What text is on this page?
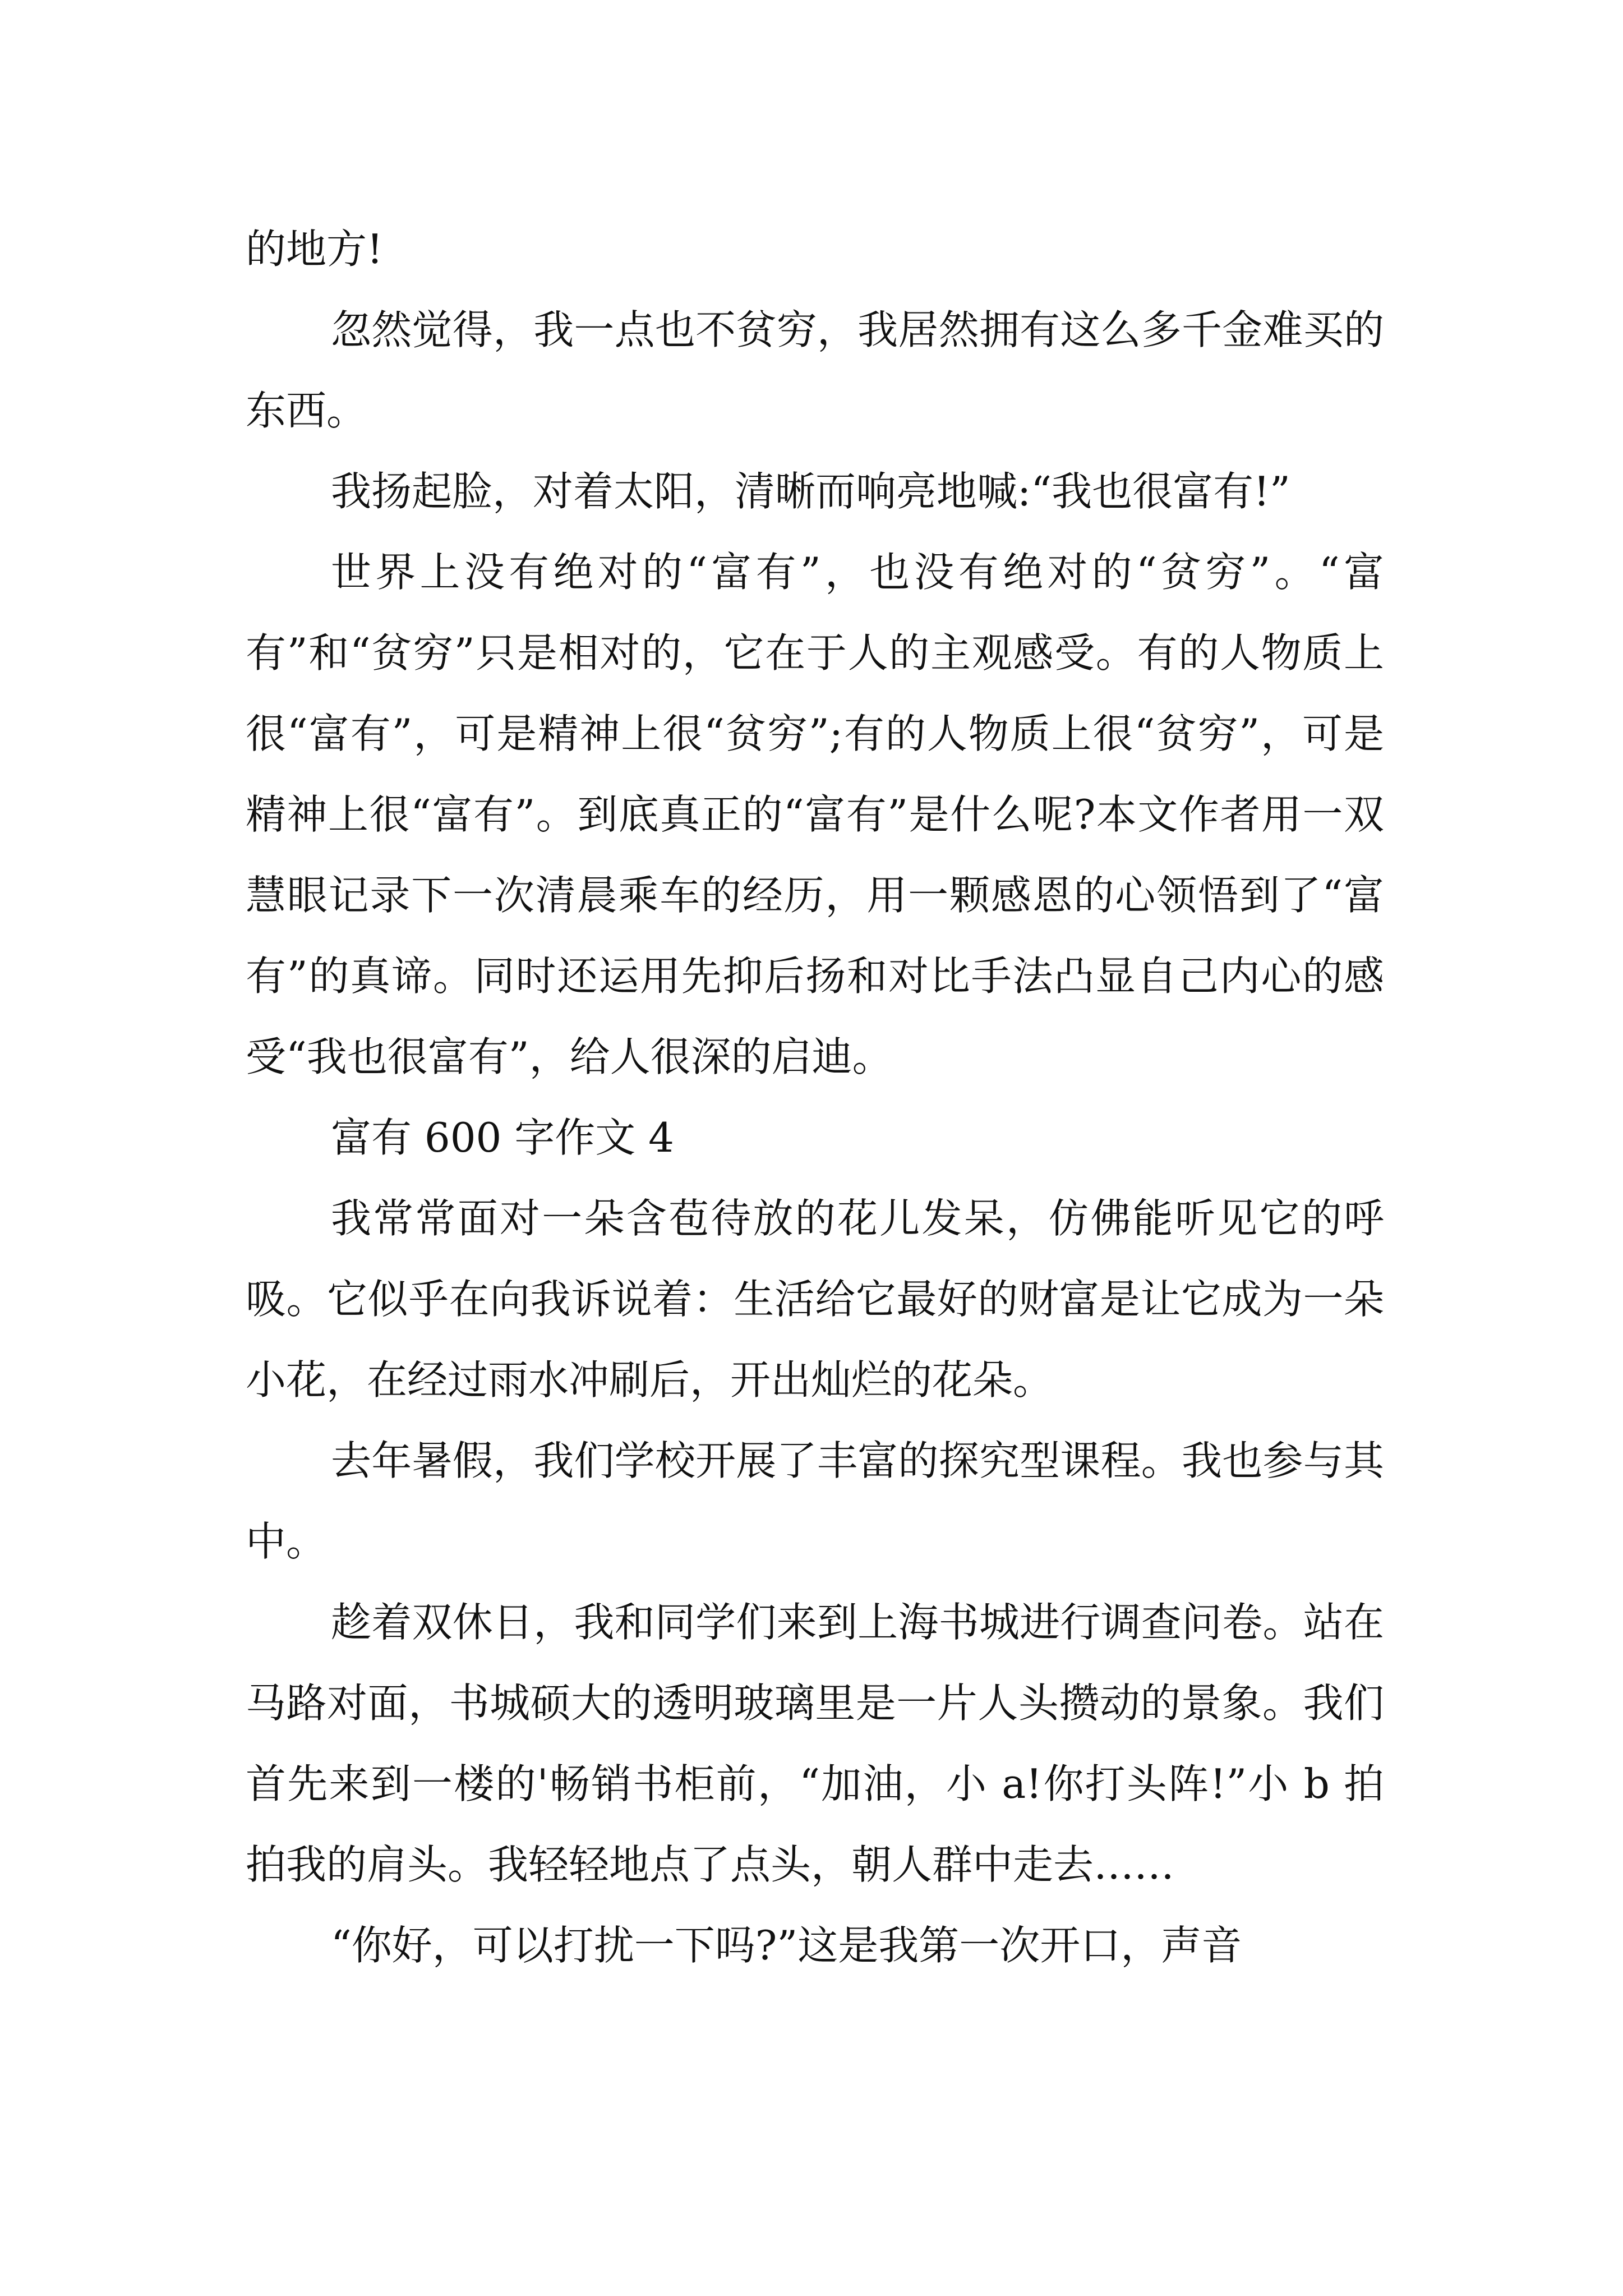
的地方!

忽然觉得，我一点也不贫穷，我居然拥有这么多千金难买的东西。

我扬起脸，对着太阳，清晰而响亮地喊:“我也很富有!”

世界上没有绝对的“富有”，也没有绝对的“贫穷”。“富有”和“贫穷”只是相对的，它在于人的主观感受。有的人物质上很“富有”，可是精神上很“贫穷”;有的人物质上很“贫穷”，可是精神上很“富有”。到底真正的“富有”是什么呢?本文作者用一双慧眼记录下一次清晨乘车的经历，用一颗感恩的心领悟到了“富有”的真谛。同时还运用先抑后扬和对比手法凸显自己内心的感受“我也很富有”，给人很深的启迪。

富有 600 字作文 4

我常常面对一朵含苞待放的花儿发呆，仿佛能听见它的呼吸。它似乎在向我诉说着：生活给它最好的财富是让它成为一朵小花，在经过雨水冲刷后，开出灿烂的花朵。

去年暑假，我们学校开展了丰富的探究型课程。我也参与其中。

趁着双休日，我和同学们来到上海书城进行调查问卷。站在马路对面，书城硕大的透明玻璃里是一片人头攒动的景象。我们首先来到一楼的'畅销书柜前，“加油，小 a!你打头阵!”小 b 拍拍我的肩头。我轻轻地点了点头，朝人群中走去……

“你好，可以打扰一下吗?”这是我第一次开口，声音
